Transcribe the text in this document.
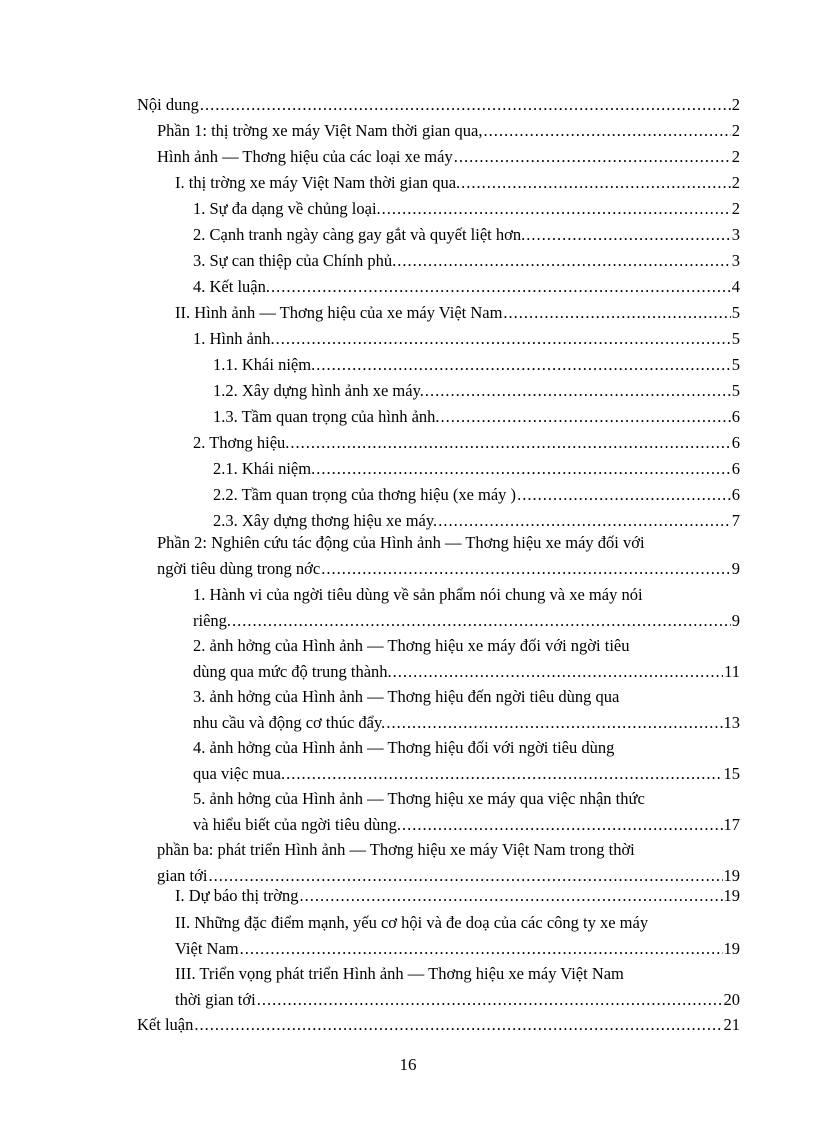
Nội dung .....	2
Phần 1: thị trờng xe máy Việt Nam thời gian qua, .....	2
Hình ảnh — Thơng hiệu của các loại xe máy .....	2
I. thị trờng xe máy Việt Nam thời gian qua. .....	2
1. Sự đa dạng về chủng loại. .....	2
2. Cạnh tranh ngày càng gay gắt và quyết liệt hơn. .....	3
3. Sự can thiệp của Chính phủ. .....	3
4. Kết luận. .....	4
II. Hình ảnh — Thơng hiệu của xe máy Việt Nam .....	5
1. Hình ảnh. .....	5
1.1. Khái niệm. .....	5
1.2. Xây dựng hình ảnh xe máy. .....	5
1.3. Tầm quan trọng của hình ảnh. .....	6
2. Thơng hiệu. .....	6
2.1. Khái niệm. .....	6
2.2. Tầm quan trọng của thơng hiệu (xe máy ) .....	6
2.3. Xây dựng thơng hiệu xe máy. .....	7
Phần 2: Nghiên cứu tác động của Hình ảnh — Thơng hiệu xe máy đối với
ngời tiêu dùng trong nớc .....	9
1. Hành vi của ngời tiêu dùng về sản phẩm nói chung và xe máy nói
riêng. .....	9
2. ảnh hởng của Hình ảnh — Thơng hiệu xe máy đối với ngời tiêu
dùng qua mức độ trung thành. .....	11
3. ảnh hởng của Hình ảnh — Thơng hiệu đến ngời tiêu dùng qua
nhu cầu và động cơ thúc đẩy. .....	13
4. ảnh hởng của Hình ảnh — Thơng hiệu đối với ngời tiêu dùng
qua việc mua. .....	15
5. ảnh hởng của Hình ảnh — Thơng hiệu xe máy qua việc nhận thức
và hiểu biết của ngời tiêu dùng. .....	17
phần ba: phát triển Hình ảnh — Thơng hiệu xe máy Việt Nam trong thời
gian tới .....	19
I. Dự báo thị trờng .....	19
II. Những đặc điểm mạnh, yếu cơ hội và đe doạ của các công ty xe máy
Việt Nam .....	19
III. Triển vọng phát triển Hình ảnh — Thơng hiệu xe máy Việt Nam
thời gian tới .....	20
Kết luận .....	21
16
